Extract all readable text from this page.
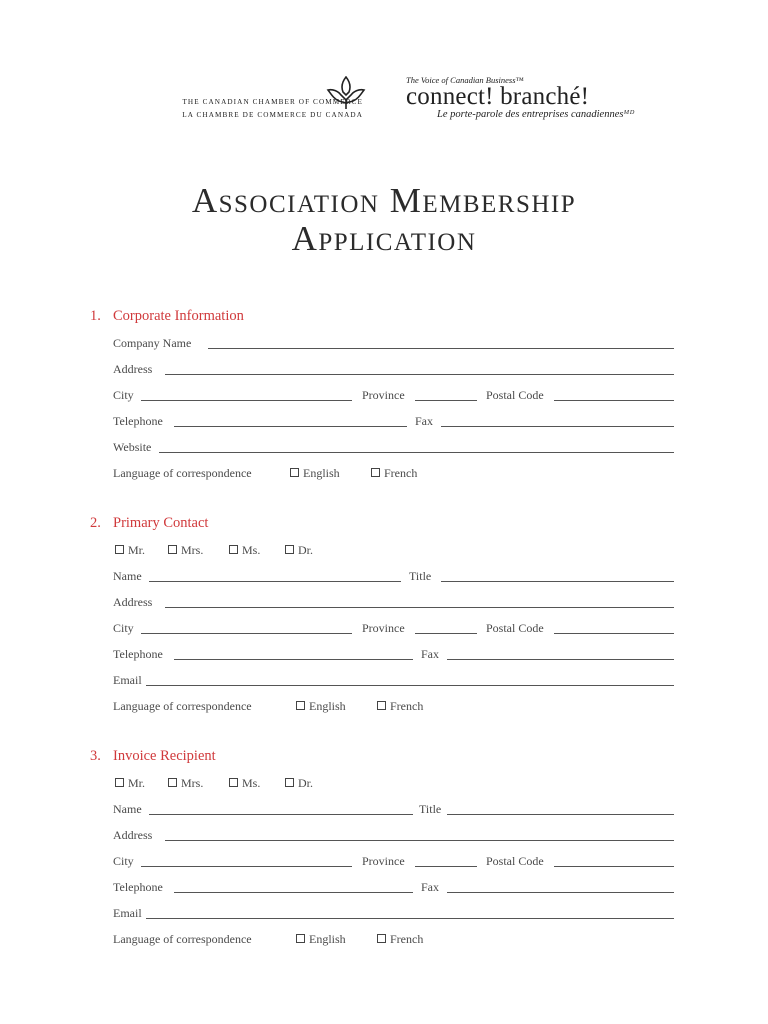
THE CANADIAN CHAMBER OF COMMERCE
LA CHAMBRE DE COMMERCE DU CANADA
The Voice of Canadian Business™
connect! branché!
Le porte-parole des entreprises canadiennesᴹᴰ
Association Membership
Application
1. Corporate Information
Company Name
Address
City	Province	Postal Code
Telephone	Fax
Website
Language of correspondence	English	French
2. Primary Contact
Mr.	Mrs.	Ms.	Dr.
Name	Title
Address
City	Province	Postal Code
Telephone	Fax
Email
Language of correspondence	English	French
3. Invoice Recipient
Mr.	Mrs.	Ms.	Dr.
Name	Title
Address
City	Province	Postal Code
Telephone	Fax
Email
Language of correspondence	English	French
